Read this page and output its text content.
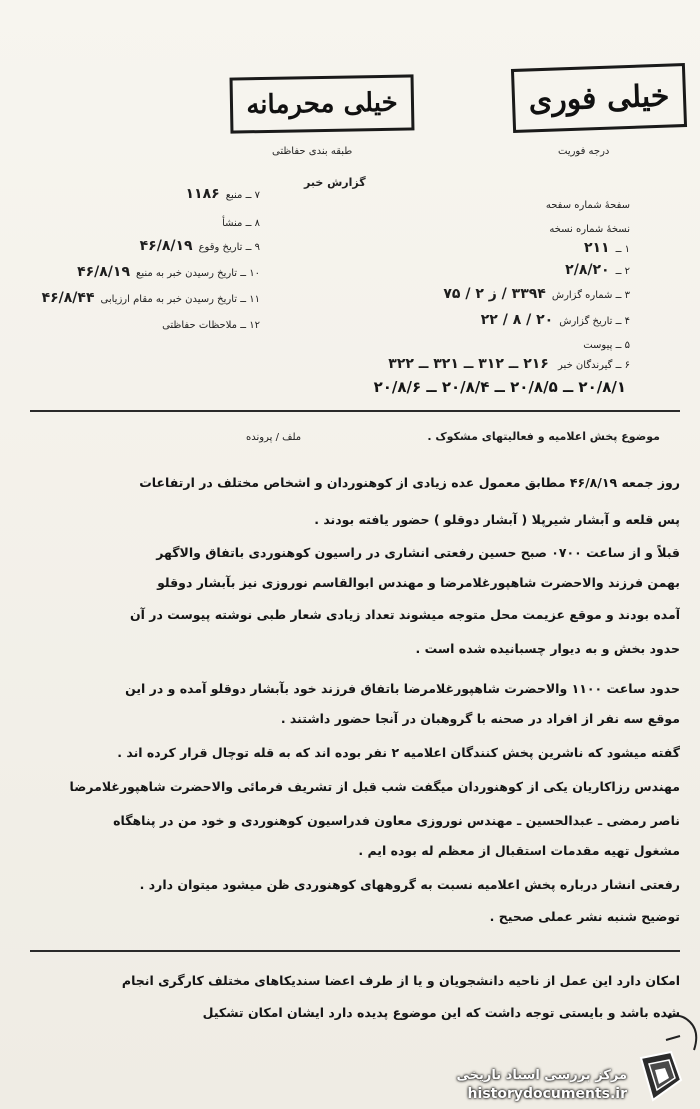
خیلی فوری
درجه فوریت
خیلی محرمانه
طبقه بندی حفاظتی
گزارش خبر
سفحهٔ شماره سفحه
نسخهٔ شماره نسخه
۱ ــ۲۱۱
۲ ــ۲/۸/۲۰
۳ ــ شماره گزارش۳۳۹۴ / ز ۲ / ۷۵
۴ ــ تاریخ گزارش۲۰ / ۸ / ۲۲
۵ ــ پیوست
۷ ــ منبع۱۱۸۶
۸ ــ منشأ
۹ ــ تاریخ وقوع۴۶/۸/۱۹
۱۰ ــ تاریخ رسیدن خبر به منبع۴۶/۸/۱۹
۱۱ ــ تاریخ رسیدن خبر به مقام ارزیابی۴۶/۸/۴۴
۱۲ ــ ملاحظات حفاظتی
۶ ــ گیرندگان خبر ۲۱۶ ــ ۳۱۲ ــ ۳۲۱ ــ ۳۲۲
۲۰/۸/۱ ــ ۲۰/۸/۵ ــ ۲۰/۸/۴ ــ ۲۰/۸/۶
موضوع پخش اعلامیه و فعالیتهای مشکوک .
ملف / پرونده
روز جمعه ۴۶/۸/۱۹ مطابق معمول عده زیادی از کوهنوردان و اشخاص مختلف در ارتفاعات
پس قلعه و آبشار شیرپلا ( آبشار دوقلو ) حضور یافته بودند .
قبلاً و از ساعت ۰۷۰۰ صبح حسین رفعتی انشاری در راسیون کوهنوردی باتفاق والاگهر
بهمن فرزند والاحضرت شاهپورغلامرضا و مهندس ابوالقاسم نوروزی نیز بآبشار دوقلو
آمده بودند و موقع عزیمت محل متوجه میشوند تعداد زیادی شعار طبی نوشته پیوست در آن
حدود بخش و به دیوار چسبانیده شده است .
حدود ساعت ۱۱۰۰ والاحضرت شاهپورغلامرضا باتفاق فرزند خود بآبشار دوقلو آمده و در این
موقع سه نفر از افراد در صحنه با گروهبان در آنجا حضور داشتند .
گفته میشود که ناشرین پخش کنندگان اعلامیه ۲ نفر بوده اند که به قله توچال قرار کرده اند .
مهندس رزاکاریان یکی از کوهنوردان میگفت شب قبل از تشریف فرمائی والاحضرت شاهپورغلامرضا
ناصر رمضی ـ عبدالحسین ـ مهندس نوروزی معاون فدراسیون کوهنوردی و خود من در پناهگاه
مشغول تهیه مقدمات استقبال از معظم له بوده ایم .
رفعتی انشار درباره پخش اعلامیه نسبت به گروههای کوهنوردی ظن میشود میتوان دارد .
توضیح شنبه نشر عملی صحیح .
امکان دارد این عمل از ناحیه دانشجویان و یا از طرف اعضا سندیکاهای مختلف کارگری انجام
شده باشد و بایستی توجه داشت که این موضوع پدیده دارد ایشان امکان تشکیل
مرکز بررسی اسناد تاریخی
historydocuments.ir
